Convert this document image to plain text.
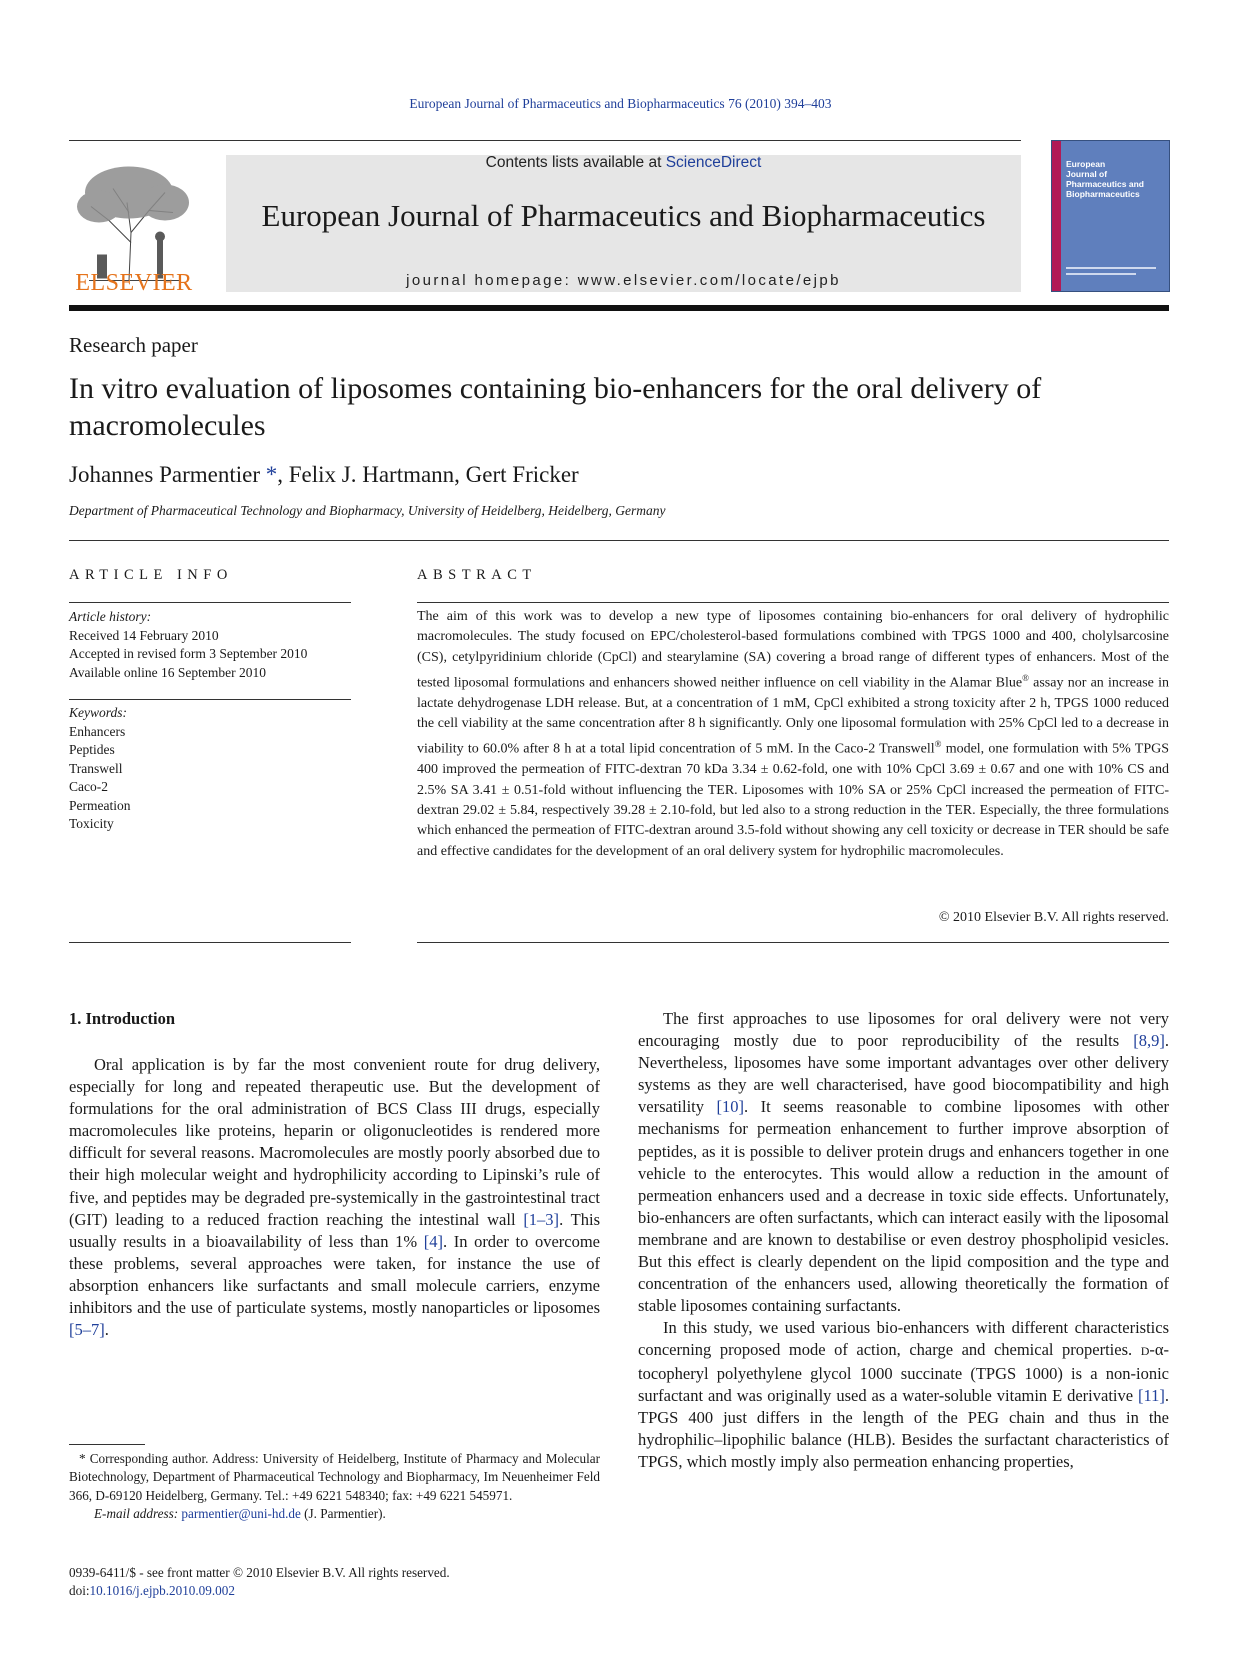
European Journal of Pharmaceutics and Biopharmaceutics 76 (2010) 394–403
ELSEVIER
Contents lists available at ScienceDirect
European Journal of Pharmaceutics and Biopharmaceutics
journal homepage: www.elsevier.com/locate/ejpb
European
Journal of
Pharmaceutics and
Biopharmaceutics
Research paper
In vitro evaluation of liposomes containing bio-enhancers for the oral delivery of macromolecules
Johannes Parmentier *, Felix J. Hartmann, Gert Fricker
Department of Pharmaceutical Technology and Biopharmacy, University of Heidelberg, Heidelberg, Germany
ARTICLE INFO
Article history:
Received 14 February 2010
Accepted in revised form 3 September 2010
Available online 16 September 2010
Keywords:
Enhancers
Peptides
Transwell
Caco-2
Permeation
Toxicity
ABSTRACT
The aim of this work was to develop a new type of liposomes containing bio-enhancers for oral delivery of hydrophilic macromolecules. The study focused on EPC/cholesterol-based formulations combined with TPGS 1000 and 400, cholylsarcosine (CS), cetylpyridinium chloride (CpCl) and stearylamine (SA) covering a broad range of different types of enhancers. Most of the tested liposomal formulations and enhancers showed neither influence on cell viability in the Alamar Blue® assay nor an increase in lactate dehydrogenase LDH release. But, at a concentration of 1 mM, CpCl exhibited a strong toxicity after 2 h, TPGS 1000 reduced the cell viability at the same concentration after 8 h significantly. Only one liposomal formulation with 25% CpCl led to a decrease in viability to 60.0% after 8 h at a total lipid concentration of 5 mM. In the Caco-2 Transwell® model, one formulation with 5% TPGS 400 improved the permeation of FITC-dextran 70 kDa 3.34 ± 0.62-fold, one with 10% CpCl 3.69 ± 0.67 and one with 10% CS and 2.5% SA 3.41 ± 0.51-fold without influencing the TER. Liposomes with 10% SA or 25% CpCl increased the permeation of FITC-dextran 29.02 ± 5.84, respectively 39.28 ± 2.10-fold, but led also to a strong reduction in the TER. Especially, the three formulations which enhanced the permeation of FITC-dextran around 3.5-fold without showing any cell toxicity or decrease in TER should be safe and effective candidates for the development of an oral delivery system for hydrophilic macromolecules.
© 2010 Elsevier B.V. All rights reserved.
1. Introduction

Oral application is by far the most convenient route for drug delivery, especially for long and repeated therapeutic use. But the development of formulations for the oral administration of BCS Class III drugs, especially macromolecules like proteins, heparin or oligonucleotides is rendered more difficult for several reasons. Macromolecules are mostly poorly absorbed due to their high molecular weight and hydrophilicity according to Lipinski’s rule of five, and peptides may be degraded pre-systemically in the gastrointestinal tract (GIT) leading to a reduced fraction reaching the intestinal wall [1–3]. This usually results in a bioavailability of less than 1% [4]. In order to overcome these problems, several approaches were taken, for instance the use of absorption enhancers like surfactants and small molecule carriers, enzyme inhibitors and the use of particulate systems, mostly nanoparticles or liposomes [5–7].

The first approaches to use liposomes for oral delivery were not very encouraging mostly due to poor reproducibility of the results [8,9]. Nevertheless, liposomes have some important advantages over other delivery systems as they are well characterised, have good biocompatibility and high versatility [10]. It seems reasonable to combine liposomes with other mechanisms for permeation enhancement to further improve absorption of peptides, as it is possible to deliver protein drugs and enhancers together in one vehicle to the enterocytes. This would allow a reduction in the amount of permeation enhancers used and a decrease in toxic side effects. Unfortunately, bio-enhancers are often surfactants, which can interact easily with the liposomal membrane and are known to destabilise or even destroy phospholipid vesicles. But this effect is clearly dependent on the lipid composition and the type and concentration of the enhancers used, allowing theoretically the formation of stable liposomes containing surfactants.

In this study, we used various bio-enhancers with different characteristics concerning proposed mode of action, charge and chemical properties. D-α-tocopheryl polyethylene glycol 1000 succinate (TPGS 1000) is a non-ionic surfactant and was originally used as a water-soluble vitamin E derivative [11]. TPGS 400 just differs in the length of the PEG chain and thus in the hydrophilic–lipophilic balance (HLB). Besides the surfactant characteristics of TPGS, which mostly imply also permeation enhancing properties,

* Corresponding author. Address: University of Heidelberg, Institute of Pharmacy and Molecular Biotechnology, Department of Pharmaceutical Technology and Biopharmacy, Im Neuenheimer Feld 366, D-69120 Heidelberg, Germany. Tel.: +49 6221 548340; fax: +49 6221 545971.
E-mail address: parmentier@uni-hd.de (J. Parmentier).
0939-6411/$ - see front matter © 2010 Elsevier B.V. All rights reserved.
doi:10.1016/j.ejpb.2010.09.002
